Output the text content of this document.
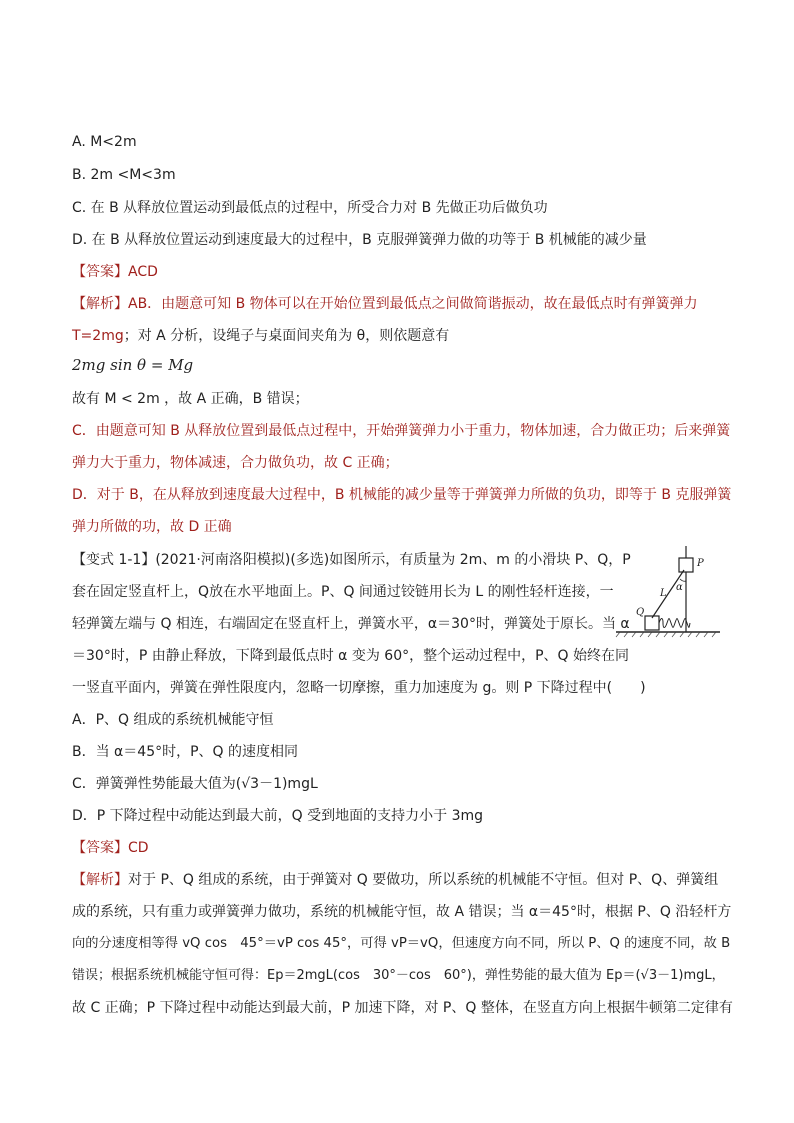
A. M<2m
B. 2m <M<3m
C. 在 B 从释放位置运动到最低点的过程中，所受合力对 B 先做正功后做负功
D. 在 B 从释放位置运动到速度最大的过程中，B 克服弹簧弹力做的功等于 B 机械能的减少量
【答案】ACD
【解析】AB．由题意可知 B 物体可以在开始位置到最低点之间做简谐振动，故在最低点时有弹簧弹力
T=2mg；对 A 分析，设绳子与桌面间夹角为 θ，则依题意有
2mg sin θ = Mg
故有 M < 2m ，故 A 正确，B 错误；
C．由题意可知 B 从释放位置到最低点过程中，开始弹簧弹力小于重力，物体加速，合力做正功；后来弹簧
弹力大于重力，物体减速，合力做负功，故 C 正确；
D．对于 B，在从释放到速度最大过程中，B 机械能的减少量等于弹簧弹力所做的负功，即等于 B 克服弹簧
弹力所做的功，故 D 正确
【变式 1-1】(2021·河南洛阳模拟)(多选)如图所示，有质量为 2m、m 的小滑块 P、Q，P
套在固定竖直杆上，Q放在水平地面上。P、Q 间通过铰链用长为 L 的刚性轻杆连接，一
轻弹簧左端与 Q 相连，右端固定在竖直杆上，弹簧水平，α＝30°时，弹簧处于原长。当 α
＝30°时，P 由静止释放，下降到最低点时 α 变为 60°，整个运动过程中，P、Q 始终在同
一竖直平面内，弹簧在弹性限度内，忽略一切摩擦，重力加速度为 g。则 P 下降过程中(　　)
P
Q
L
α
A．P、Q 组成的系统机械能守恒
B．当 α＝45°时，P、Q 的速度相同
C．弹簧弹性势能最大值为(√3－1)mgL
D．P 下降过程中动能达到最大前，Q 受到地面的支持力小于 3mg
【答案】CD
【解析】对于 P、Q 组成的系统，由于弹簧对 Q 要做功，所以系统的机械能不守恒。但对 P、Q、弹簧组
成的系统，只有重力或弹簧弹力做功，系统的机械能守恒，故 A 错误；当 α＝45°时，根据 P、Q 沿轻杆方
向的分速度相等得 vQ cos　45°＝vP cos 45°，可得 vP＝vQ，但速度方向不同，所以 P、Q 的速度不同，故 B
错误；根据系统机械能守恒可得：Ep＝2mgL(cos　30°－cos　60°)，弹性势能的最大值为 Ep＝(√3－1)mgL，
故 C 正确；P 下降过程中动能达到最大前，P 加速下降，对 P、Q 整体，在竖直方向上根据牛顿第二定律有
